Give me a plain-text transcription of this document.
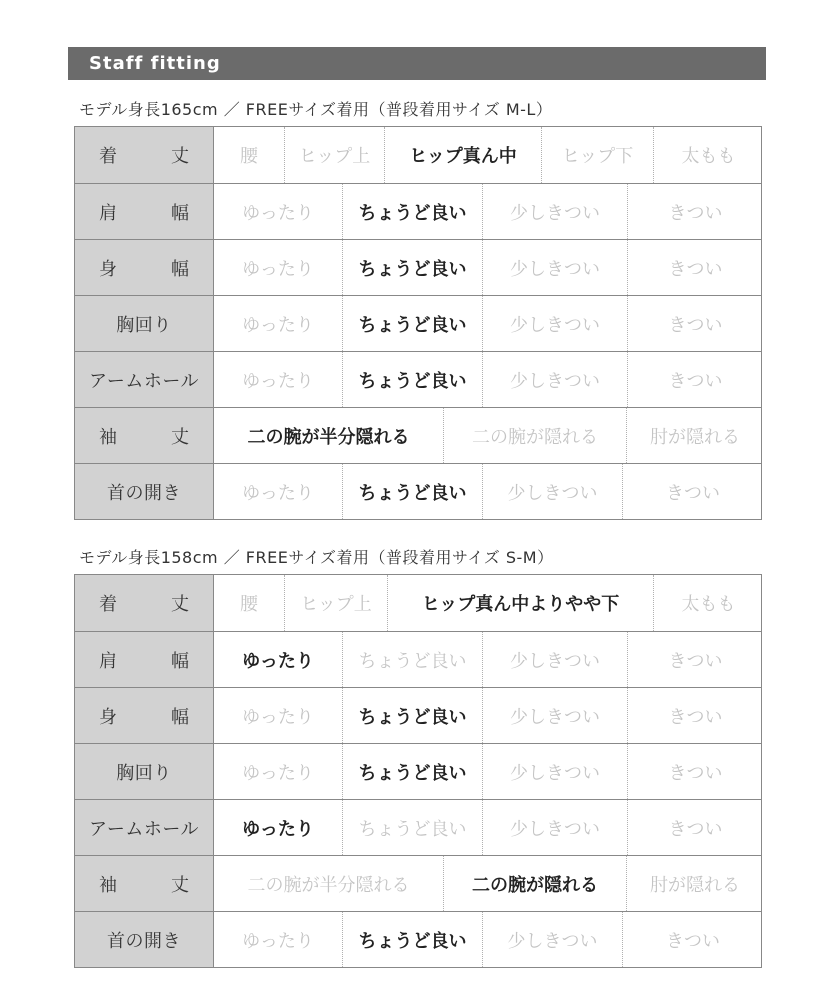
Staff fitting
モデル身長165cm ／ FREEサイズ着用（普段着用サイズ M-L）
着　丈	腰	ヒップ上	ヒップ真ん中	ヒップ下	太もも
肩　幅	ゆったり	ちょうど良い	少しきつい	きつい
身　幅	ゆったり	ちょうど良い	少しきつい	きつい
胸回り	ゆったり	ちょうど良い	少しきつい	きつい
アームホール	ゆったり	ちょうど良い	少しきつい	きつい
袖　丈	二の腕が半分隠れる	二の腕が隠れる	肘が隠れる
首の開き	ゆったり	ちょうど良い	少しきつい	きつい
モデル身長158cm ／ FREEサイズ着用（普段着用サイズ S-M）
着　丈	腰	ヒップ上	ヒップ真ん中よりやや下	太もも
肩　幅	ゆったり	ちょうど良い	少しきつい	きつい
身　幅	ゆったり	ちょうど良い	少しきつい	きつい
胸回り	ゆったり	ちょうど良い	少しきつい	きつい
アームホール	ゆったり	ちょうど良い	少しきつい	きつい
袖　丈	二の腕が半分隠れる	二の腕が隠れる	肘が隠れる
首の開き	ゆったり	ちょうど良い	少しきつい	きつい
